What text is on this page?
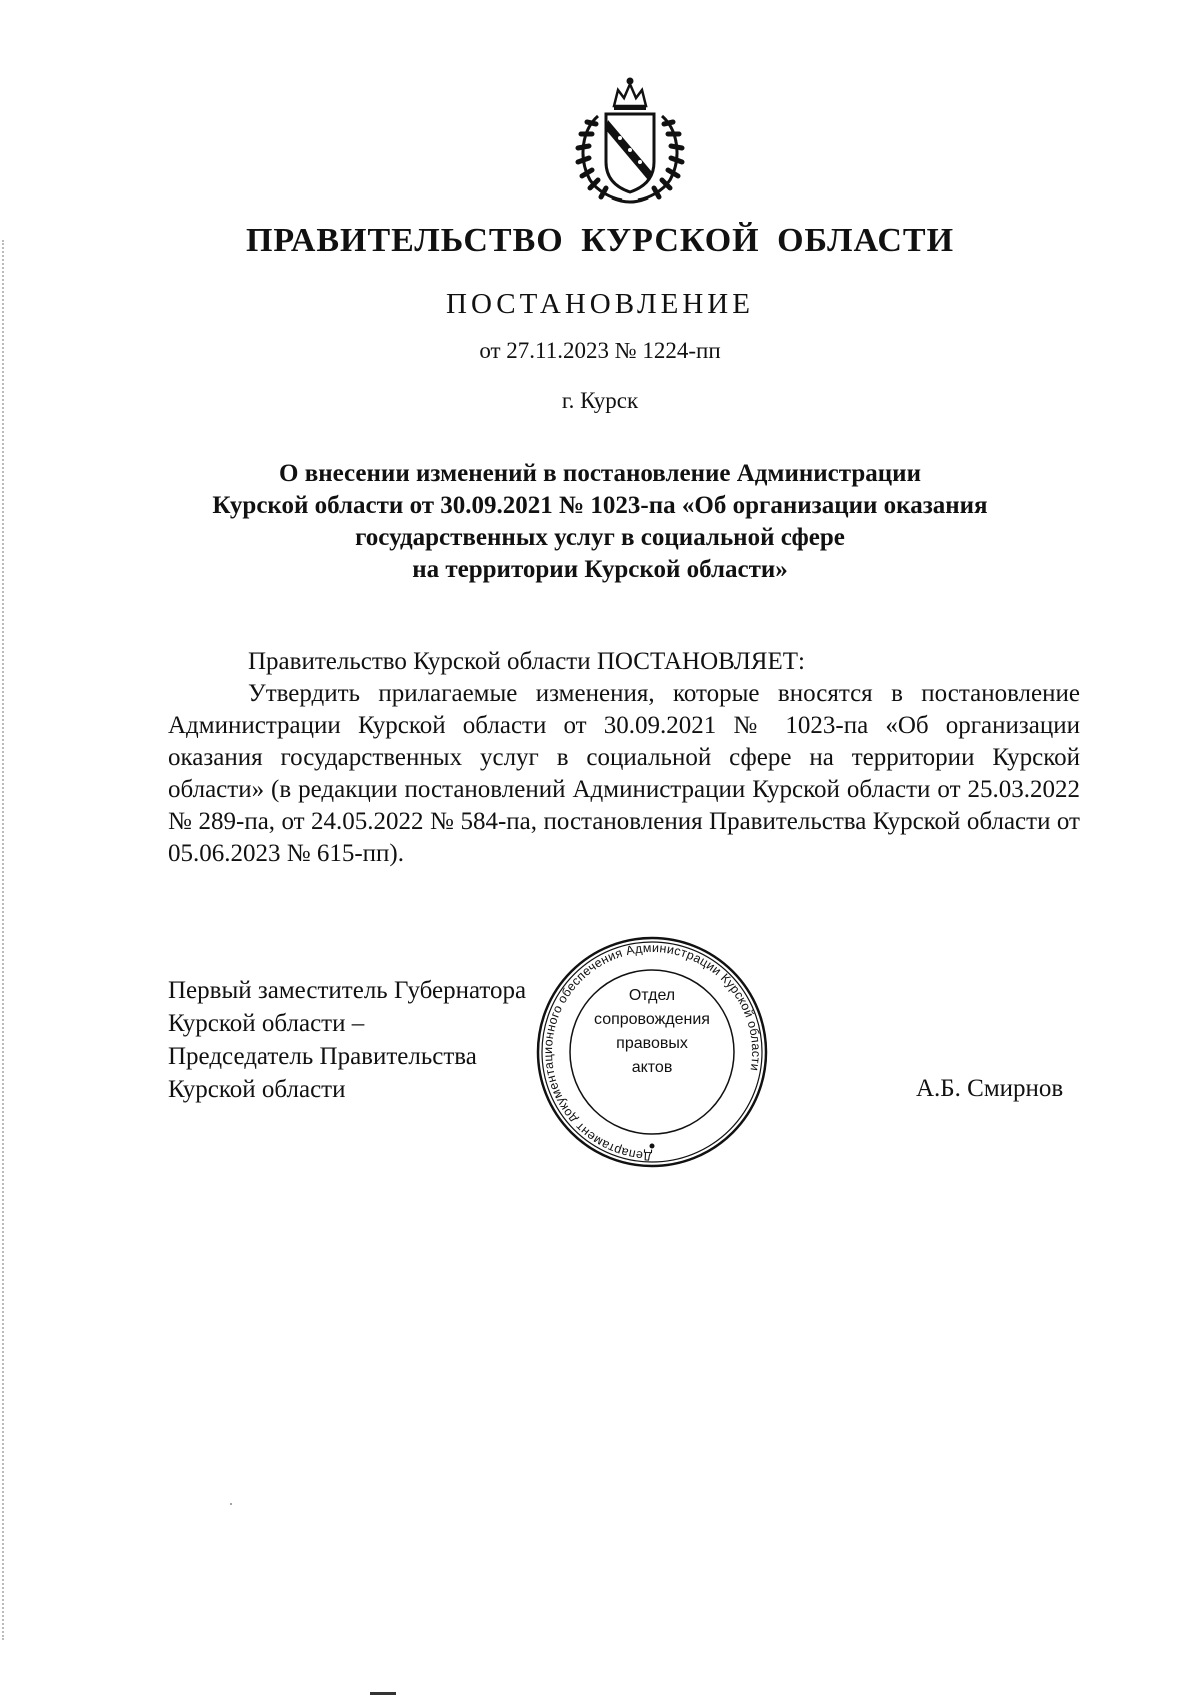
ПРАВИТЕЛЬСТВО КУРСКОЙ ОБЛАСТИ
ПОСТАНОВЛЕНИЕ
от 27.11.2023 № 1224-пп
г. Курск
О внесении изменений в постановление Администрации
Курской области от 30.09.2021 № 1023-па «Об организации оказания
государственных услуг в социальной сфере
на территории Курской области»
Правительство Курской области ПОСТАНОВЛЯЕТ:
Утвердить прилагаемые изменения, которые вносятся в постановление Администрации Курской области от 30.09.2021 № 1023-па «Об организации оказания государственных услуг в социальной сфере на территории Курской области» (в редакции постановлений Администрации Курской области от 25.03.2022 № 289-па, от 24.05.2022 № 584-па, постановления Правительства Курской области от 05.06.2023 № 615-пп).
Первый заместитель Губернатора
Курской области –
Председатель Правительства
Курской области
Департамент документационного обеспечения Администрации Курской области
Отдел
сопровождения
правовых
актов
А.Б. Смирнов
